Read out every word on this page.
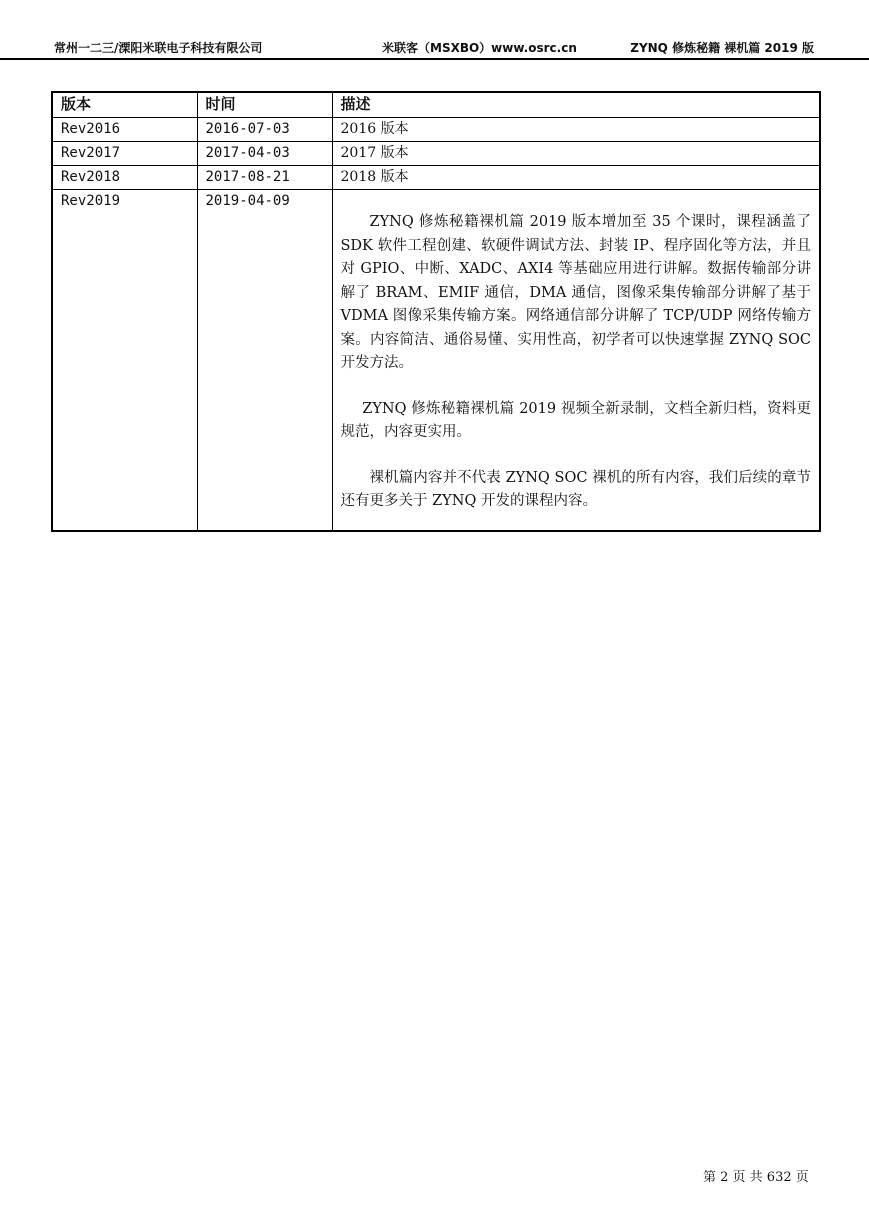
常州一二三/溧阳米联电子科技有限公司	米联客（MSXBO）www.osrc.cn	ZYNQ 修炼秘籍 裸机篇 2019 版
版本	时间	描述
Rev2016	2016-07-03	2016 版本
Rev2017	2017-04-03	2017 版本
Rev2018	2017-08-21	2018 版本
Rev2019	2019-04-09	ZYNQ 修炼秘籍裸机篇 2019 版本增加至 35 个课时，课程涵盖了 SDK 软件工程创建、软硬件调试方法、封装 IP、程序固化等方法，并且对 GPIO、中断、XADC、AXI4 等基础应用进行讲解。数据传输部分讲解了 BRAM、EMIF 通信，DMA 通信，图像采集传输部分讲解了基于 VDMA 图像采集传输方案。网络通信部分讲解了 TCP/UDP 网络传输方案。内容简洁、通俗易懂、实用性高，初学者可以快速掌握 ZYNQ SOC 开发方法。

ZYNQ 修炼秘籍裸机篇 2019 视频全新录制，文档全新归档，资料更规范，内容更实用。

裸机篇内容并不代表 ZYNQ SOC 裸机的所有内容，我们后续的章节还有更多关于 ZYNQ 开发的课程内容。

第 2 页 共 632 页
